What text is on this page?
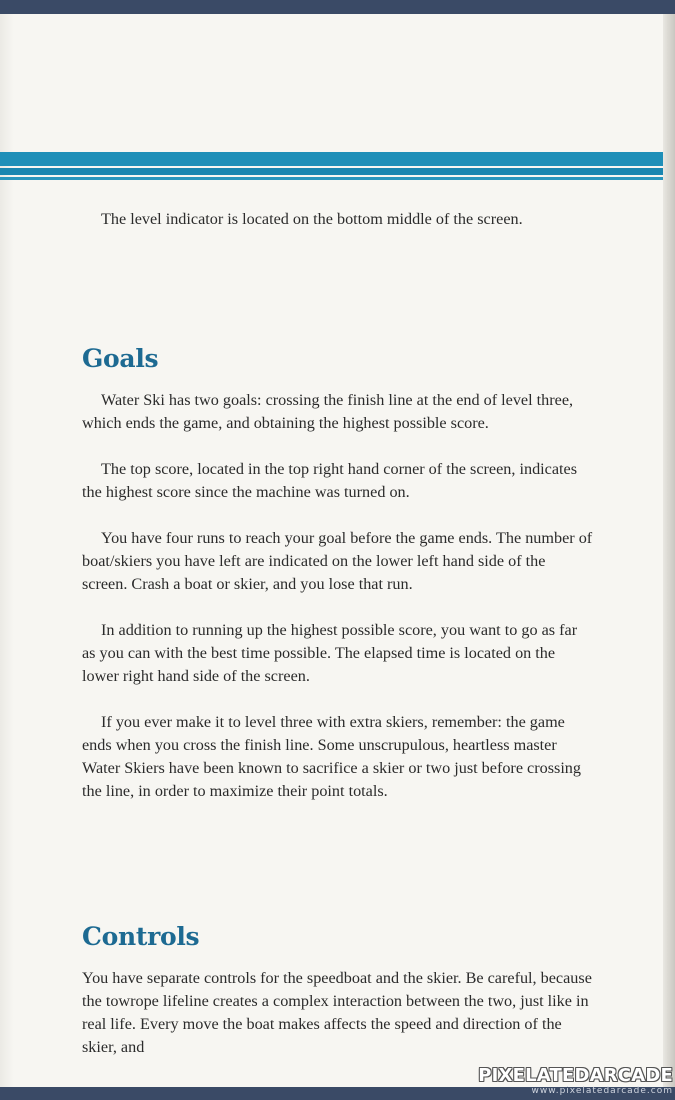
The level indicator is located on the bottom middle of the screen.

Goals

Water Ski has two goals: crossing the finish line at the end of level three, which ends the game, and obtaining the highest possible score.

The top score, located in the top right hand corner of the screen, indicates the highest score since the machine was turned on.

You have four runs to reach your goal before the game ends. The number of boat/skiers you have left are indicated on the lower left hand side of the screen. Crash a boat or skier, and you lose that run.

In addition to running up the highest possible score, you want to go as far as you can with the best time possible. The elapsed time is located on the lower right hand side of the screen.

If you ever make it to level three with extra skiers, remember: the game ends when you cross the finish line. Some unscrupulous, heartless master Water Skiers have been known to sacrifice a skier or two just before crossing the line, in order to maximize their point totals.

Controls

You have separate controls for the speedboat and the skier. Be careful, because the towrope lifeline creates a complex interaction between the two, just like in real life. Every move the boat makes affects the speed and direction of the skier, and

PIXELATEDARCADE
www.pixelatedarcade.com
